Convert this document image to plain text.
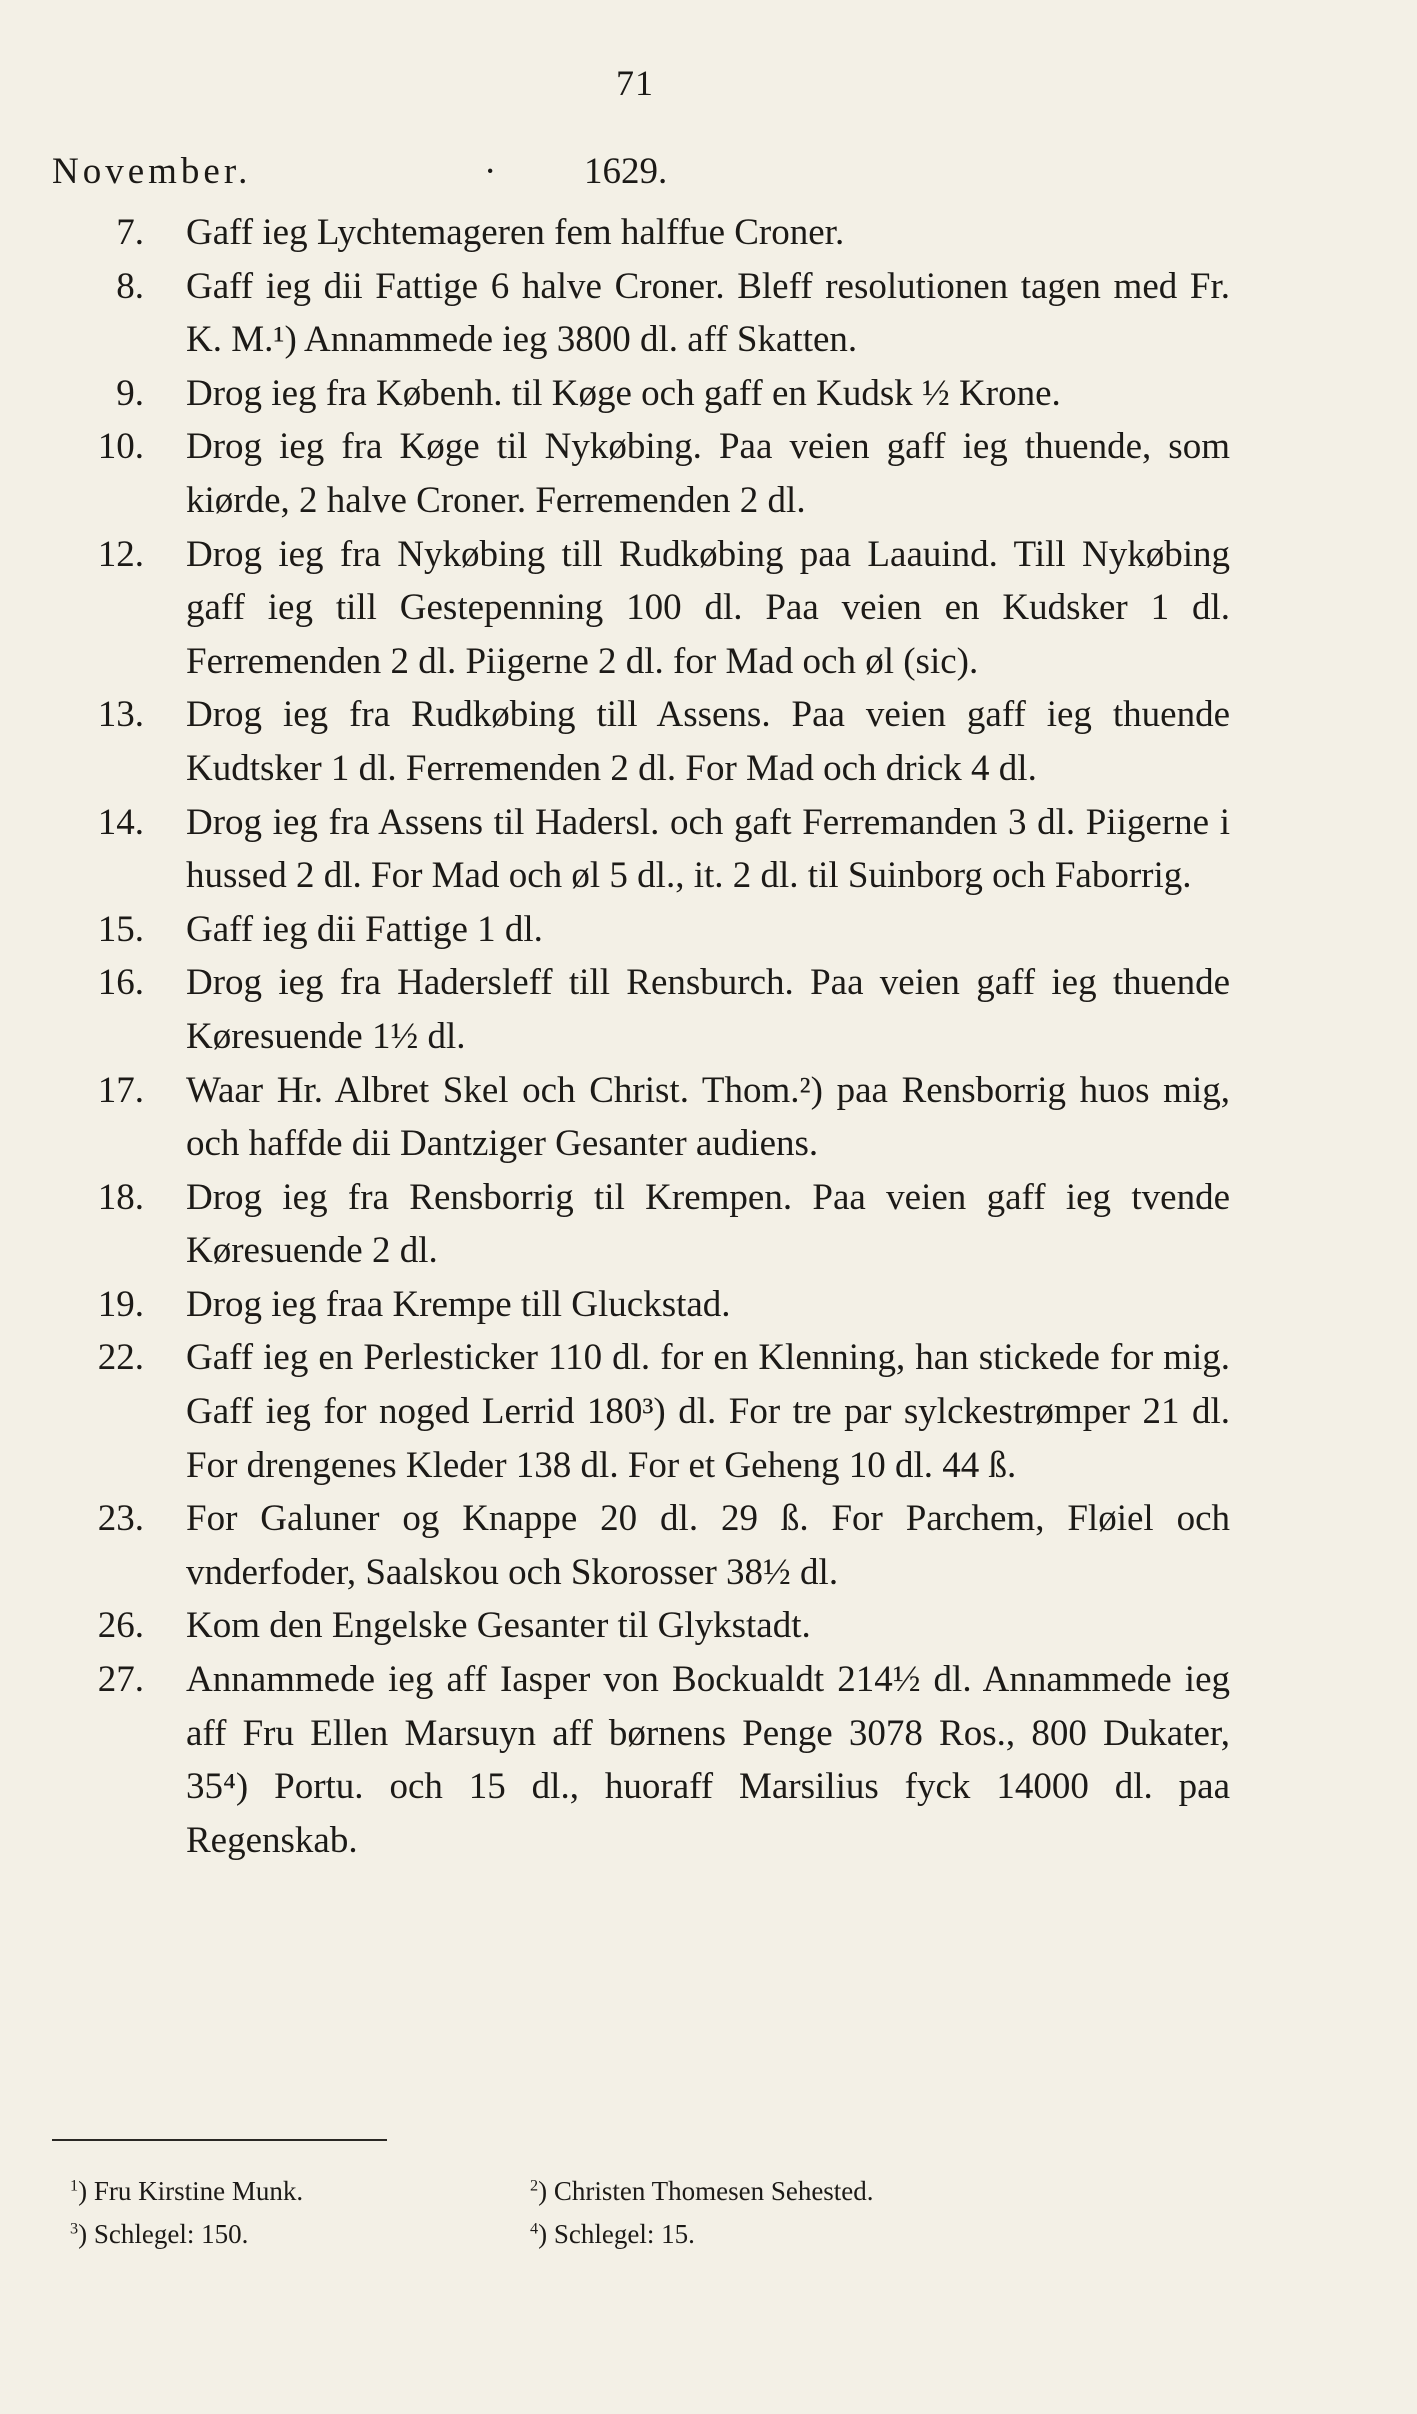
71
November.	· 1629.
7.	Gaff ieg Lychtemageren fem halffue Croner.
8.	Gaff ieg dii Fattige 6 halve Croner. Bleff resolutionen tagen med Fr. K. M.¹) Annammede ieg 3800 dl. aff Skatten.
9.	Drog ieg fra Københ. til Køge och gaff en Kudsk ½ Krone.
10.	Drog ieg fra Køge til Nykøbing. Paa veien gaff ieg thuende, som kiørde, 2 halve Croner. Ferremenden 2 dl.
12.	Drog ieg fra Nykøbing till Rudkøbing paa Laauind. Till Nykøbing gaff ieg till Gestepenning 100 dl. Paa veien en Kudsker 1 dl. Ferremenden 2 dl. Piigerne 2 dl. for Mad och øl (sic).
13.	Drog ieg fra Rudkøbing till Assens. Paa veien gaff ieg thuende Kudtsker 1 dl. Ferremenden 2 dl. For Mad och drick 4 dl.
14.	Drog ieg fra Assens til Hadersl. och gaft Ferremanden 3 dl. Piigerne i hussed 2 dl. For Mad och øl 5 dl., it. 2 dl. til Suinborg och Faborrig.
15.	Gaff ieg dii Fattige 1 dl.
16.	Drog ieg fra Hadersleff till Rensburch. Paa veien gaff ieg thuende Køresuende 1½ dl.
17.	Waar Hr. Albret Skel och Christ. Thom.²) paa Rensborrig huos mig, och haffde dii Dantziger Gesanter audiens.
18.	Drog ieg fra Rensborrig til Krempen. Paa veien gaff ieg tvende Køresuende 2 dl.
19.	Drog ieg fraa Krempe till Gluckstad.
22.	Gaff ieg en Perlesticker 110 dl. for en Klenning, han stickede for mig. Gaff ieg for noged Lerrid 180³) dl. For tre par sylckestrømper 21 dl. For drengenes Kleder 138 dl. For et Geheng 10 dl. 44 ß.
23.	For Galuner og Knappe 20 dl. 29 ß. For Parchem, Fløiel och vnderfoder, Saalskou och Skorosser 38½ dl.
26.	Kom den Engelske Gesanter til Glykstadt.
27.	Annammede ieg aff Iasper von Bockualdt 214½ dl. Annammede ieg aff Fru Ellen Marsuyn aff børnens Penge 3078 Ros., 800 Dukater, 35⁴) Portu. och 15 dl., huoraff Marsilius fyck 14000 dl. paa Regenskab.
$^1$) Fru Kirstine Munk.	$^2$) Christen Thomesen Sehested.
$^3$) Schlegel: 150.	$^4$) Schlegel: 15.
